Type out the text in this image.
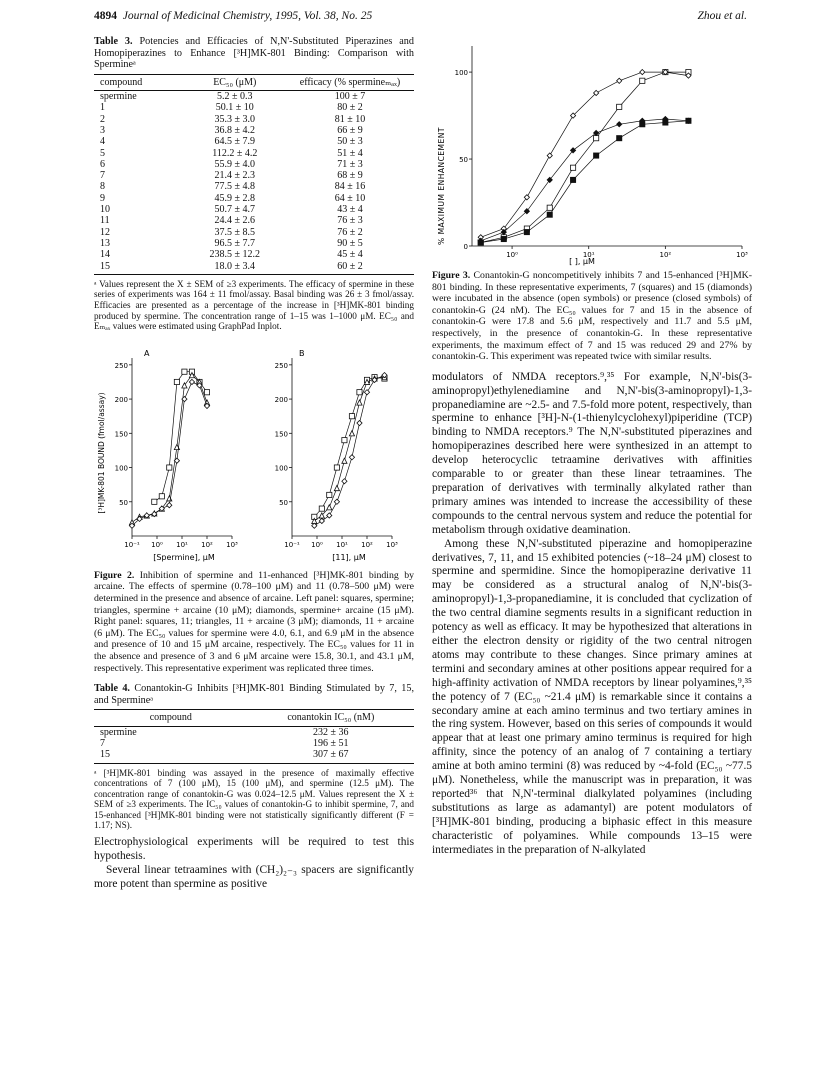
4894 Journal of Medicinal Chemistry, 1995, Vol. 38, No. 25	Zhou et al.
Table 3. Potencies and Efficacies of N,N'-Substituted Piperazines and Homopiperazines to Enhance [³H]MK-801 Binding: Comparison with Spermineᵃ
compound	EC₅₀ (μM)	efficacy (% spermineₘₐₓ)
spermine	5.2 ± 0.3	100 ± 7
1	50.1 ± 10	80 ± 2
2	35.3 ± 3.0	81 ± 10
3	36.8 ± 4.2	66 ± 9
4	64.5 ± 7.9	50 ± 3
5	112.2 ± 4.2	51 ± 4
6	55.9 ± 4.0	71 ± 3
7	21.4 ± 2.3	68 ± 9
8	77.5 ± 4.8	84 ± 16
9	45.9 ± 2.8	64 ± 10
10	50.7 ± 4.7	43 ± 4
11	24.4 ± 2.6	76 ± 3
12	37.5 ± 8.5	76 ± 2
13	96.5 ± 7.7	90 ± 5
14	238.5 ± 12.2	45 ± 4
15	18.0 ± 3.4	60 ± 2
ᵃ Values represent the X ± SEM of ≥3 experiments. The efficacy of spermine in these series of experiments was 164 ± 11 fmol/assay. Basal binding was 26 ± 3 fmol/assay. Efficacies are presented as a percentage of the increase in [³H]MK-801 binding produced by spermine. The concentration range of 1–15 was 1–1000 μM. EC₅₀ and Eₘₐₓ values were estimated using GraphPad Inplot.
A	B
[³H]MK-801 BOUND (fmol/assay)
[Spermine], μM	[11], μM
50
100
150
200
250
10⁻¹ 10⁰ 10¹ 10² 10³
50
100
150
200
250
10⁻¹ 10⁰ 10¹ 10² 10³
Figure 2. Inhibition of spermine and 11-enhanced [³H]MK-801 binding by arcaine. The effects of spermine (0.78–100 μM) and 11 (0.78–500 μM) were determined in the presence and absence of arcaine. Left panel: squares, spermine; triangles, spermine + arcaine (10 μM); diamonds, spermine+ arcaine (15 μM). Right panel: squares, 11; triangles, 11 + arcaine (3 μM); diamonds, 11 + arcaine (6 μM). The EC₅₀ values for spermine were 4.0, 6.1, and 6.9 μM in the absence and presence of 10 and 15 μM arcaine, respectively. The EC₅₀ values for 11 in the absence and presence of 3 and 6 μM arcaine were 15.8, 30.1, and 43.1 μM, respectively. This representative experiment was replicated three times.
Table 4. Conantokin-G Inhibits [³H]MK-801 Binding Stimulated by 7, 15, and Spermineᵃ
compound	conantokin IC₅₀ (nM)
spermine	232 ± 36
7	196 ± 51
15	307 ± 67
ᵃ [³H]MK-801 binding was assayed in the presence of maximally effective concentrations of 7 (100 μM), 15 (100 μM), and spermine (12.5 μM). The concentration range of conantokin-G was 0.024–12.5 μM. Values represent the X ± SEM of ≥3 experiments. The IC₅₀ values of conantokin-G to inhibit spermine, 7, and 15-enhanced [³H]MK-801 binding were not statistically significantly different (F = 1.17; NS).

Electrophysiological experiments will be required to test this hypothesis.

Several linear tetraamines with (CH₂)₂₋₃ spacers are significantly more potent than spermine as positive

% MAXIMUM ENHANCEMENT
[ ], μM
0
50
100
10⁰	10¹	10²	10³
Figure 3. Conantokin-G noncompetitively inhibits 7 and 15-enhanced [³H]MK-801 binding. In these representative experiments, 7 (squares) and 15 (diamonds) were incubated in the absence (open symbols) or presence (closed symbols) of conantokin-G (24 nM). The EC₅₀ values for 7 and 15 in the absence of conantokin-G were 17.8 and 5.6 μM, respectively and 11.7 and 5.5 μM, respectively, in the presence of conantokin-G. In these representative experiments, the maximum effect of 7 and 15 was reduced 29 and 27% by conantokin-G. This experiment was repeated twice with similar results.

modulators of NMDA receptors.⁹,³⁵ For example, N,N'-bis(3-aminopropyl)ethylenediamine and N,N'-bis(3-aminopropyl)-1,3-propanediamine are ~2.5- and 7.5-fold more potent, respectively, than spermine to enhance [³H]-N-(1-thienylcyclohexyl)piperidine (TCP) binding to NMDA receptors.⁹ The N,N'-substituted piperazines and homopiperazines described here were synthesized in an attempt to develop heterocyclic tetraamine derivatives with affinities comparable to or greater than these linear tetraamines. The preparation of derivatives with terminally alkylated rather than primary amines was intended to increase the accessibility of these compounds to the central nervous system and reduce the potential for metabolism through oxidative deamination.

Among these N,N'-substituted piperazine and homopiperazine derivatives, 7, 11, and 15 exhibited potencies (~18–24 μM) closest to spermine and spermidine. Since the homopiperazine derivative 11 may be considered as a structural analog of N,N'-bis(3-aminopropyl)-1,3-propanediamine, it is concluded that cyclization of the two central diamine segments results in a significant reduction in potency as well as efficacy. It may be hypothesized that alterations in either the electron density or rigidity of the two central nitrogen atoms may contribute to these changes. Since primary amines at termini and secondary amines at other positions appear required for a high-affinity activation of NMDA receptors by linear polyamines,⁹,³⁵ the potency of 7 (EC₅₀ ~21.4 μM) is remarkable since it contains a secondary amine at each amino terminus and two tertiary amines in the ring system. However, based on this series of compounds it would appear that at least one primary amino terminus is required for high affinity, since the potency of an analog of 7 containing a tertiary amine at both amino termini (8) was reduced by ~4-fold (EC₅₀ ~77.5 μM). Nonetheless, while the manuscript was in preparation, it was reported³⁶ that N,N'-terminal dialkylated polyamines (including substitutions as large as adamantyl) are potent modulators of [³H]MK-801 binding, producing a biphasic effect in this measure characteristic of polyamines. While compounds 13–15 were intermediates in the preparation of N-alkylated
